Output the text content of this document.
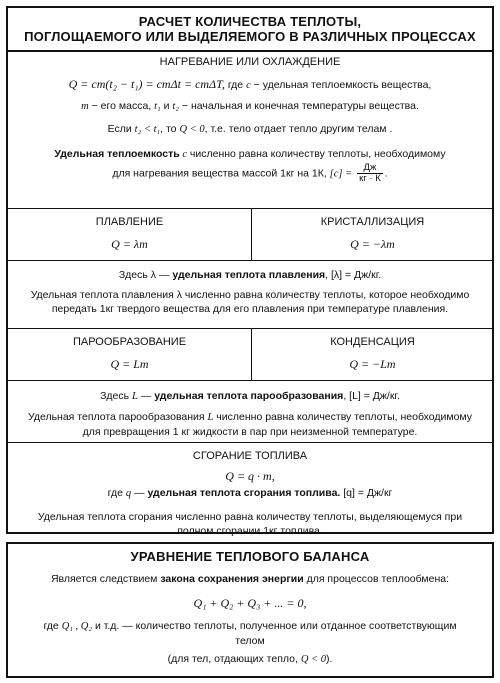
РАСЧЕТ КОЛИЧЕСТВА ТЕПЛОТЫ,
ПОГЛОЩАЕМОГО ИЛИ ВЫДЕЛЯЕМОГО В РАЗЛИЧНЫХ ПРОЦЕССАХ
НАГРЕВАНИЕ ИЛИ ОХЛАЖДЕНИЕ
Q = cm(t₂ − t₁) = cmΔt = cmΔT, где c − удельная теплоемкость вещества,
m − его масса, t₁ и t₂ − начальная и конечная температуры вещества.
Если t₂ < t₁, то Q < 0, т.е. тело отдает теплo другим телам .
Удельная теплоемкость c численно равна количеству теплоты, необходимому
для нагревания вещества массой 1кг на 1К, $[c] = \frac{Дж}{кг \cdot К}$ .
ПЛАВЛЕНИЕ
Q = λm
КРИСТАЛЛИЗАЦИЯ
Q = −λm
Здесь λ — удельная теплота плавления, [λ] = Дж/кг.
Удельная теплота плавления λ численно равна количеству теплоты, которое необходимо
передать 1кг твердого вещества для его плавления при температуре плавления.
ПАРООБРАЗОВАНИЕ
Q = Lm
КОНДЕНСАЦИЯ
Q = −Lm
Здесь L — удельная теплота парообразования, [L] = Дж/кг.
Удельная теплота парообразования L численно равна количеству теплоты, необходимому
для превращения 1 кг жидкости в пар при неизменной температуре.
СГОРАНИЕ ТОПЛИВА
Q = q · m,
где q — удельная теплота сгорания топлива. [q] = Дж/кг
Удельная теплота сгорания численно равна количеству теплоты, выделяющемуся при
полном сгорании 1кг топлива.
УРАВНЕНИЕ ТЕПЛОВОГО БАЛАНСА
Является следствием закона сохранения энергии для процессов теплообмена:
Q₁ + Q₂ + Q₃ + ... = 0,
где Q₁ , Q₂ и т.д. — количество теплоты, полученное или отданное соответствующим
телом
(для тел, отдающих тепло, Q < 0).
